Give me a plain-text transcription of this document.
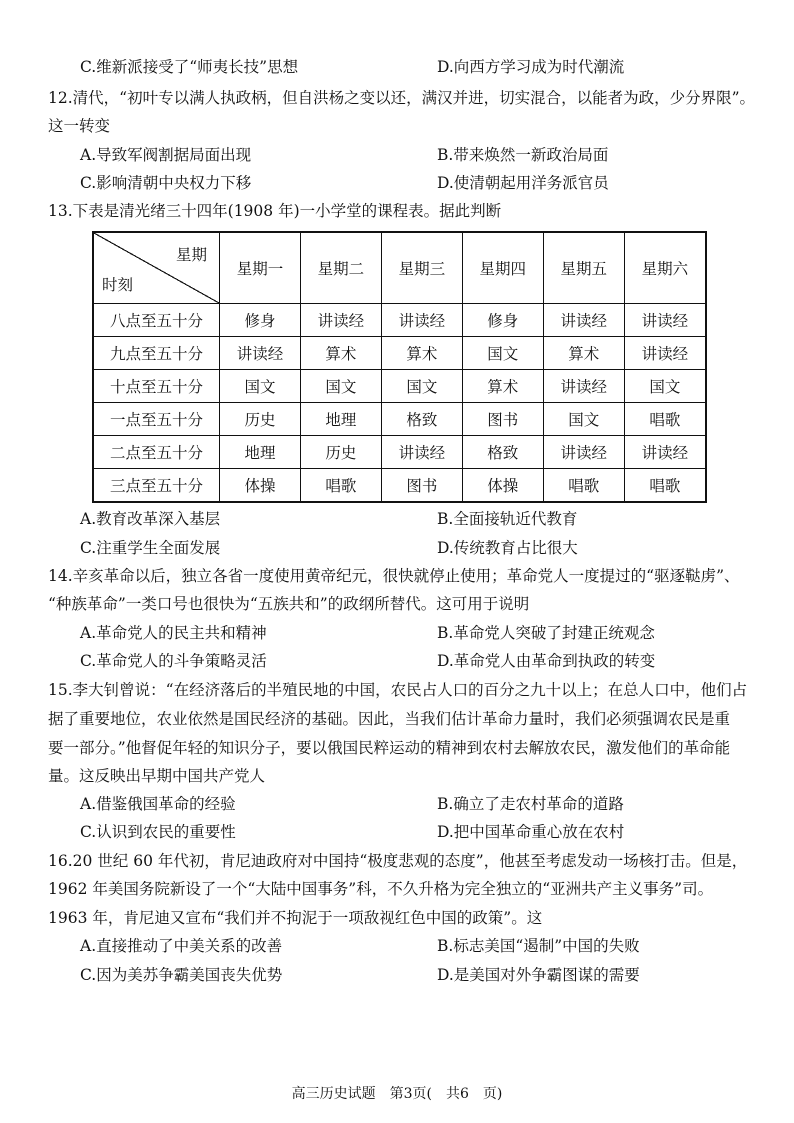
C.维新派接受了“师夷长技”思想	D.向西方学习成为时代潮流
12.清代，“初叶专以满人执政柄，但自洪杨之变以还，满汉并进，切实混合，以能者为政，少分界限”。
这一转变
A.导致军阀割据局面出现	B.带来焕然一新政治局面
C.影响清朝中央权力下移	D.使清朝起用洋务派官员
13.下表是清光绪三十四年(1908 年)一小学堂的课程表。据此判断
星期
时刻	星期一	星期二	星期三	星期四	星期五	星期六
八点至五十分	修身	讲读经	讲读经	修身	讲读经	讲读经
九点至五十分	讲读经	算术	算术	国文	算术	讲读经
十点至五十分	国文	国文	国文	算术	讲读经	国文
一点至五十分	历史	地理	格致	图书	国文	唱歌
二点至五十分	地理	历史	讲读经	格致	讲读经	讲读经
三点至五十分	体操	唱歌	图书	体操	唱歌	唱歌
A.教育改革深入基层	B.全面接轨近代教育
C.注重学生全面发展	D.传统教育占比很大
14.辛亥革命以后，独立各省一度使用黄帝纪元，很快就停止使用；革命党人一度提过的“驱逐鞑虏”、
“种族革命”一类口号也很快为“五族共和”的政纲所替代。这可用于说明
A.革命党人的民主共和精神	B.革命党人突破了封建正统观念
C.革命党人的斗争策略灵活	D.革命党人由革命到执政的转变
15.李大钊曾说：“在经济落后的半殖民地的中国，农民占人口的百分之九十以上；在总人口中，他们占
据了重要地位，农业依然是国民经济的基础。因此，当我们估计革命力量时，我们必须强调农民是重
要一部分。”他督促年轻的知识分子，要以俄国民粹运动的精神到农村去解放农民，激发他们的革命能
量。这反映出早期中国共产党人
A.借鉴俄国革命的经验	B.确立了走农村革命的道路
C.认识到农民的重要性	D.把中国革命重心放在农村
16.20 世纪 60 年代初，肯尼迪政府对中国持“极度悲观的态度”，他甚至考虑发动一场核打击。但是，
1962 年美国务院新设了一个“大陆中国事务”科，不久升格为完全独立的“亚洲共产主义事务”司。
1963 年，肯尼迪又宣布“我们并不拘泥于一项敌视红色中国的政策”。这
A.直接推动了中美关系的改善	B.标志美国“遏制”中国的失败
C.因为美苏争霸美国丧失优势	D.是美国对外争霸图谋的需要
高三历史试题　第3页(　共6　页)
